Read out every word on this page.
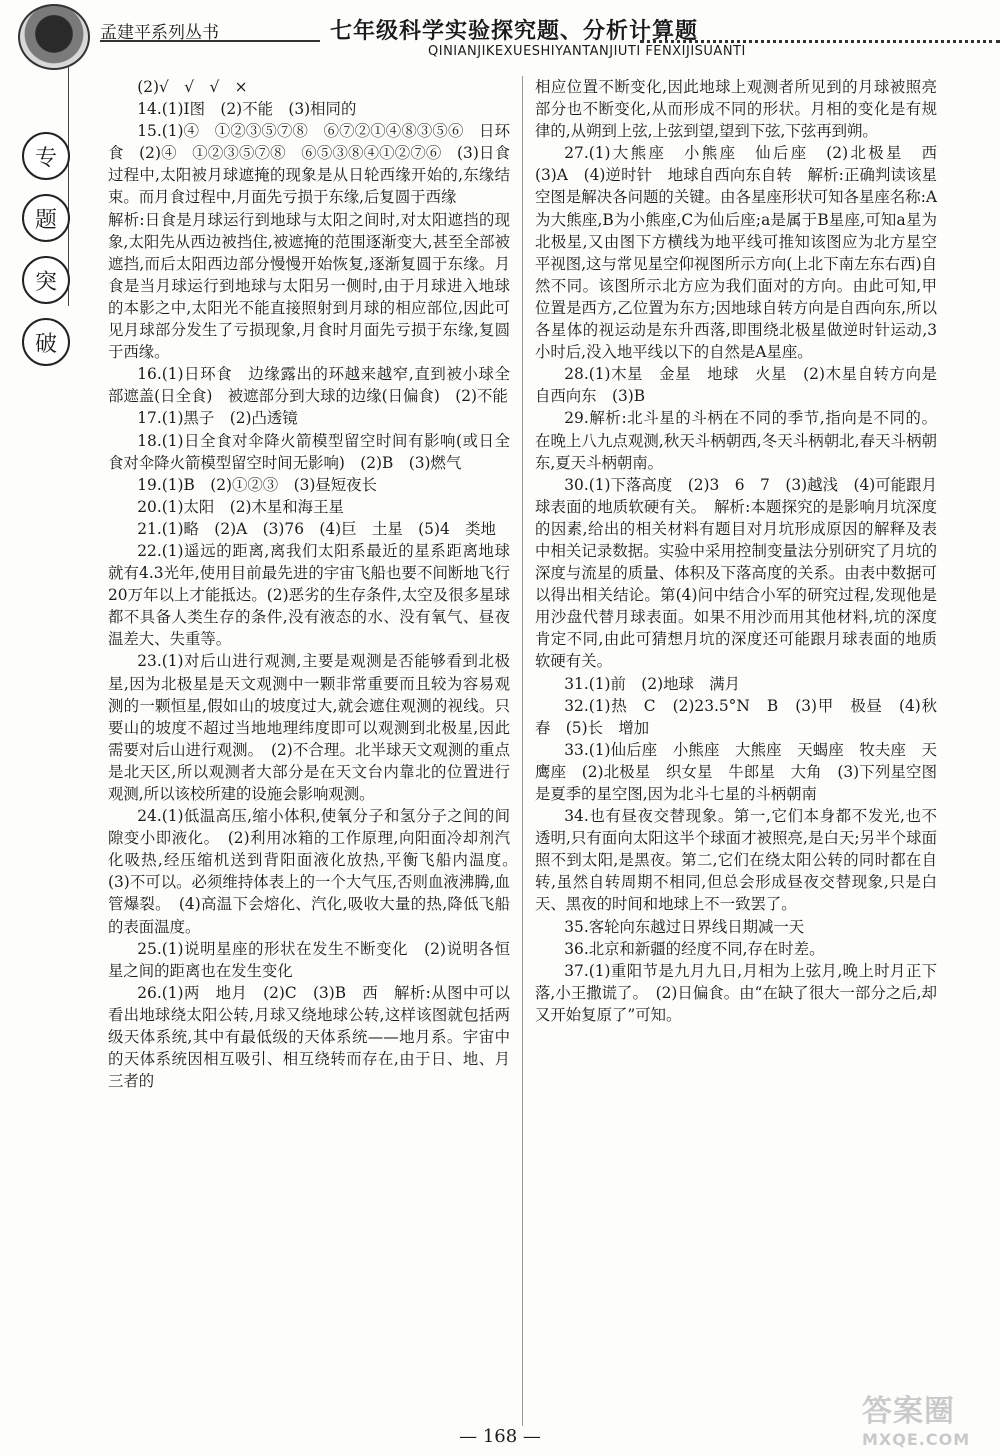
孟建平系列丛书	七年级科学实验探究题、分析计算题
QINIANJIKEXUESHIYANTANJIUTI FENXIJISUANTI
专
题
突
破

(2)√　√　√　×

14.(1)Ⅰ图　(2)不能　(3)相同的

15.(1)④　①②③⑤⑦⑧　⑥⑦②①④⑧③⑤⑥　日环食　(2)④　①②③⑤⑦⑧　⑥⑤③⑧④①②⑦⑥　(3)日食过程中,太阳被月球遮掩的现象是从日轮西缘开始的,东缘结束。而月食过程中,月面先亏损于东缘,后复圆于西缘

解析:日食是月球运行到地球与太阳之间时,对太阳遮挡的现象,太阳先从西边被挡住,被遮掩的范围逐渐变大,甚至全部被遮挡,而后太阳西边部分慢慢开始恢复,逐渐复圆于东缘。月食是当月球运行到地球与太阳另一侧时,由于月球进入地球的本影之中,太阳光不能直接照射到月球的相应部位,因此可见月球部分发生了亏损现象,月食时月面先亏损于东缘,复圆于西缘。

16.(1)日环食　边缘露出的环越来越窄,直到被小球全部遮盖(日全食)　被遮部分到大球的边缘(日偏食)　(2)不能

17.(1)黑子　(2)凸透镜

18.(1)日全食对伞降火箭模型留空时间有影响(或日全食对伞降火箭模型留空时间无影响)　(2)B　(3)燃气

19.(1)B　(2)①②③　(3)昼短夜长

20.(1)太阳　(2)木星和海王星

21.(1)略　(2)A　(3)76　(4)巨　土星　(5)4　类地

22.(1)遥远的距离,离我们太阳系最近的星系距离地球就有4.3光年,使用目前最先进的宇宙飞船也要不间断地飞行20万年以上才能抵达。(2)恶劣的生存条件,太空及很多星球都不具备人类生存的条件,没有液态的水、没有氧气、昼夜温差大、失重等。

23.(1)对后山进行观测,主要是观测是否能够看到北极星,因为北极星是天文观测中一颗非常重要而且较为容易观测的一颗恒星,假如山的坡度过大,就会遮住观测的视线。只要山的坡度不超过当地地理纬度即可以观测到北极星,因此需要对后山进行观测。　(2)不合理。北半球天文观测的重点是北天区,所以观测者大部分是在天文台内靠北的位置进行观测,所以该校所建的设施会影响观测。

24.(1)低温高压,缩小体积,使氧分子和氢分子之间的间隙变小即液化。　(2)利用冰箱的工作原理,向阳面冷却剂汽化吸热,经压缩机送到背阳面液化放热,平衡飞船内温度。　(3)不可以。必须维持体表上的一个大气压,否则血液沸腾,血管爆裂。　(4)高温下会熔化、汽化,吸收大量的热,降低飞船的表面温度。

25.(1)说明星座的形状在发生不断变化　(2)说明各恒星之间的距离也在发生变化

26.(1)两　地月　(2)C　(3)B　西　解析:从图中可以看出地球绕太阳公转,月球又绕地球公转,这样该图就包括两级天体系统,其中有最低级的天体系统——地月系。宇宙中的天体系统因相互吸引、相互绕转而存在,由于日、地、月三者的

相应位置不断变化,因此地球上观测者所见到的月球被照亮部分也不断变化,从而形成不同的形状。月相的变化是有规律的,从朔到上弦,上弦到望,望到下弦,下弦再到朔。

27.(1)大熊座　小熊座　仙后座　(2)北极星　西　(3)A　(4)逆时针　地球自西向东自转　解析:正确判读该星空图是解决各问题的关键。由各星座形状可知各星座名称:A为大熊座,B为小熊座,C为仙后座;a是属于B星座,可知a星为北极星,又由图下方横线为地平线可推知该图应为北方星空平视图,这与常见星空仰视图所示方向(上北下南左东右西)自然不同。该图所示北方应为我们面对的方向。由此可知,甲位置是西方,乙位置为东方;因地球自转方向是自西向东,所以各星体的视运动是东升西落,即围绕北极星做逆时针运动,3小时后,没入地平线以下的自然是A星座。

28.(1)木星　金星　地球　火星　(2)木星自转方向是自西向东　(3)B

29.解析:北斗星的斗柄在不同的季节,指向是不同的。在晚上八九点观测,秋天斗柄朝西,冬天斗柄朝北,春天斗柄朝东,夏天斗柄朝南。

30.(1)下落高度　(2)3　6　7　(3)越浅　(4)可能跟月球表面的地质软硬有关。　解析:本题探究的是影响月坑深度的因素,给出的相关材料有题目对月坑形成原因的解释及表中相关记录数据。实验中采用控制变量法分别研究了月坑的深度与流星的质量、体积及下落高度的关系。由表中数据可以得出相关结论。第(4)问中结合小军的研究过程,发现他是用沙盘代替月球表面。如果不用沙而用其他材料,坑的深度肯定不同,由此可猜想月坑的深度还可能跟月球表面的地质软硬有关。

31.(1)前　(2)地球　满月

32.(1)热　C　(2)23.5°N　B　(3)甲　极昼　(4)秋　春　(5)长　增加

33.(1)仙后座　小熊座　大熊座　天蝎座　牧夫座　天鹰座　(2)北极星　织女星　牛郎星　大角　(3)下列星空图是夏季的星空图,因为北斗七星的斗柄朝南

34.也有昼夜交替现象。第一,它们本身都不发光,也不透明,只有面向太阳这半个球面才被照亮,是白天;另半个球面照不到太阳,是黑夜。第二,它们在绕太阳公转的同时都在自转,虽然自转周期不相同,但总会形成昼夜交替现象,只是白天、黑夜的时间和地球上不一致罢了。

35.客轮向东越过日界线日期减一天

36.北京和新疆的经度不同,存在时差。

37.(1)重阳节是九月九日,月相为上弦月,晚上时月正下落,小王撒谎了。　(2)日偏食。由“在缺了很大一部分之后,却又开始复原了”可知。

— 168 —
答案圈
MXQE.COM
